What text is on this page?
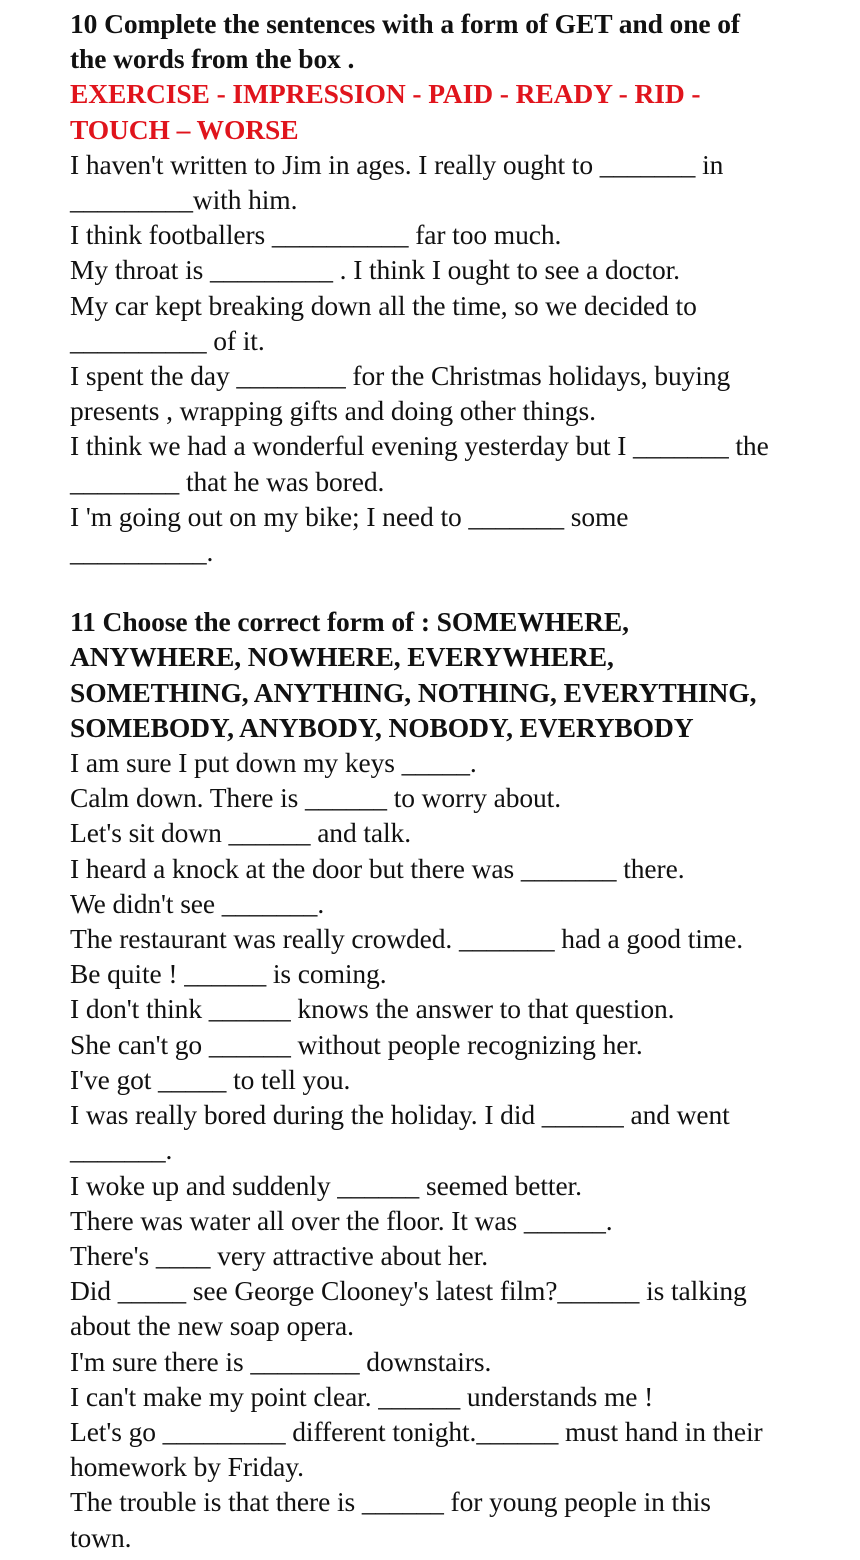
10 Complete the sentences with a form of GET and one of

the words from the box .

EXERCISE - IMPRESSION - PAID - READY - RID -

TOUCH – WORSE

I haven't written to Jim in ages. I really ought to _______ in

_________with him.

I think footballers __________ far too much.

My throat is _________ . I think I ought to see a doctor.

My car kept breaking down all the time, so we decided to

__________ of it.

I spent the day ________ for the Christmas holidays, buying

presents , wrapping gifts and doing other things.

I think we had a wonderful evening yesterday but I _______ the

________ that he was bored.

I 'm going out on my bike; I need to _______ some

__________.

11 Choose the correct form of : SOMEWHERE,

ANYWHERE, NOWHERE, EVERYWHERE,

SOMETHING, ANYTHING, NOTHING, EVERYTHING,

SOMEBODY, ANYBODY, NOBODY, EVERYBODY

I am sure I put down my keys _____.

Calm down. There is ______ to worry about.

Let's sit down ______ and talk.

I heard a knock at the door but there was _______ there.

We didn't see _______.

The restaurant was really crowded. _______ had a good time.

Be quite ! ______ is coming.

I don't think ______ knows the answer to that question.

She can't go ______ without people recognizing her.

I've got _____ to tell you.

I was really bored during the holiday. I did ______ and went

_______.

I woke up and suddenly ______ seemed better.

There was water all over the floor. It was ______.

There's ____ very attractive about her.

Did _____ see George Clooney's latest film?______ is talking

about the new soap opera.

I'm sure there is ________ downstairs.

I can't make my point clear. ______ understands me !

Let's go _________ different tonight.______ must hand in their

homework by Friday.

The trouble is that there is ______ for young people in this

town.
